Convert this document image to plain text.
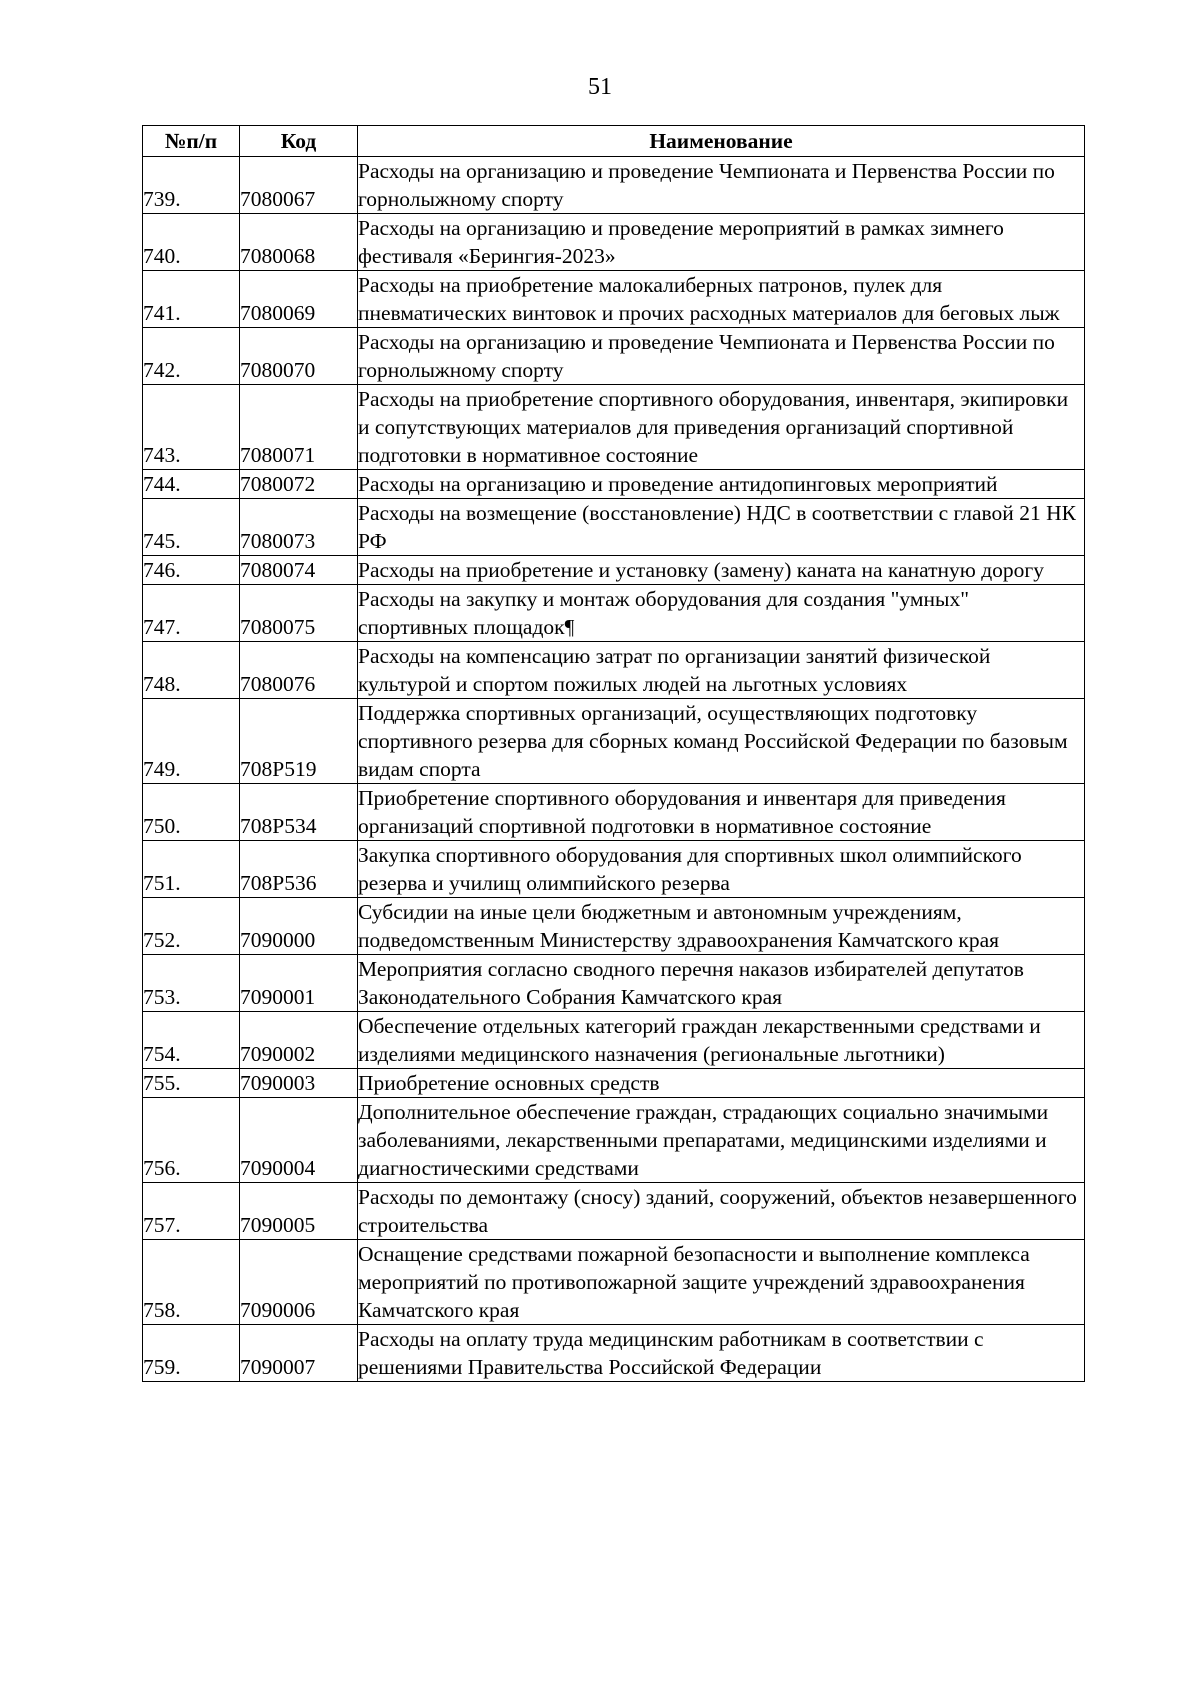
51
№п/п	Код	Наименование
739.	7080067	Расходы на организацию и проведение Чемпионата и Первенства России по горнолыжному спорту
740.	7080068	Расходы на организацию и проведение мероприятий в рамках зимнего фестиваля «Берингия-2023»
741.	7080069	Расходы на приобретение малокалиберных патронов, пулек для пневматических винтовок и прочих расходных материалов для беговых лыж
742.	7080070	Расходы на организацию и проведение Чемпионата и Первенства России по горнолыжному спорту
743.	7080071	Расходы на приобретение спортивного оборудования, инвентаря, экипировки и сопутствующих материалов для приведения организаций спортивной подготовки в нормативное состояние
744.	7080072	Расходы на организацию и проведение антидопинговых мероприятий
745.	7080073	Расходы на возмещение (восстановление) НДС в соответствии с главой 21 НК РФ
746.	7080074	Расходы на приобретение и установку (замену) каната на канатную дорогу
747.	7080075	Расходы на закупку и монтаж оборудования для создания "умных" спортивных площадок¶
748.	7080076	Расходы на компенсацию затрат по организации занятий физической культурой и спортом пожилых людей на льготных условиях
749.	708P519	Поддержка спортивных организаций, осуществляющих подготовку спортивного резерва для сборных команд Российской Федерации по базовым видам спорта
750.	708P534	Приобретение спортивного оборудования и инвентаря для приведения организаций спортивной подготовки в нормативное состояние
751.	708P536	Закупка спортивного оборудования для спортивных школ олимпийского резерва и училищ олимпийского резерва
752.	7090000	Субсидии на иные цели бюджетным и автономным учреждениям, подведомственным Министерству здравоохранения Камчатского края
753.	7090001	Мероприятия согласно сводного перечня наказов избирателей депутатов Законодательного Собрания Камчатского края
754.	7090002	Обеспечение отдельных категорий граждан лекарственными средствами и изделиями медицинского назначения (региональные льготники)
755.	7090003	Приобретение основных средств
756.	7090004	Дополнительное обеспечение граждан, страдающих социально значимыми заболеваниями, лекарственными препаратами, медицинскими изделиями и диагностическими средствами
757.	7090005	Расходы по демонтажу (сносу) зданий, сооружений, объектов незавершенного строительства
758.	7090006	Оснащение средствами пожарной безопасности и выполнение комплекса мероприятий по противопожарной защите учреждений здравоохранения Камчатского края
759.	7090007	Расходы на оплату труда медицинским работникам в соответствии с решениями Правительства Российской Федерации
